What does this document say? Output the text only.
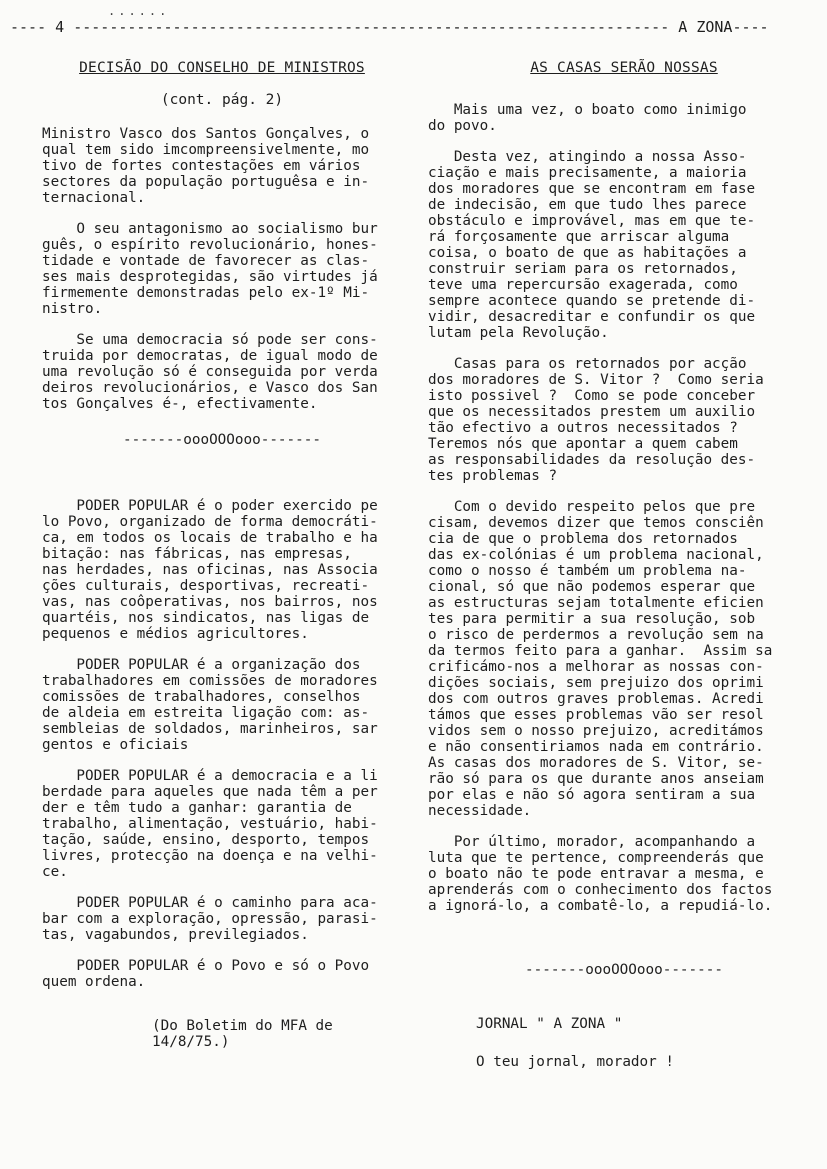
......
---- 4 ------------------------------------------------------------------ A ZONA----
DECISÃO DO CONSELHO DE MINISTROS
(cont. pág. 2)
Ministro Vasco dos Santos Gonçalves, o
qual tem sido imcompreensivelmente, mo
tivo de fortes contestações em vários
sectores da população portuguêsa e in-
ternacional.
O seu antagonismo ao socialismo bur
guês, o espírito revolucionário, hones-
tidade e vontade de favorecer as clas-
ses mais desprotegidas, são virtudes já
firmemente demonstradas pelo ex-1º Mi-
nistro.
Se uma democracia só pode ser cons-
truida por democratas, de igual modo de
uma revolução só é conseguida por verda
deiros revolucionários, e Vasco dos San
tos Gonçalves é-, efectivamente.
-------oooOOOooo-------
PODER POPULAR é o poder exercido pe
lo Povo, organizado de forma democráti-
ca, em todos os locais de trabalho e ha
bitação: nas fábricas, nas empresas,
nas herdades, nas oficinas, nas Associa
ções culturais, desportivas, recreati-
vas, nas coôperativas, nos bairros, nos
quartéis, nos sindicatos, nas ligas de
pequenos e médios agricultores.
PODER POPULAR é a organização dos
trabalhadores em comissões de moradores
comissões de trabalhadores, conselhos
de aldeia em estreita ligação com: as-
sembleias de soldados, marinheiros, sar
gentos e oficiais
PODER POPULAR é a democracia e a li
berdade para aqueles que nada têm a per
der e têm tudo a ganhar: garantia de
trabalho, alimentação, vestuário, habi-
tação, saúde, ensino, desporto, tempos
livres, protecção na doença e na velhi-
ce.
PODER POPULAR é o caminho para aca-
bar com a exploração, opressão, parasi-
tas, vagabundos, previlegiados.
PODER POPULAR é o Povo e só o Povo
quem ordena.
(Do Boletim do MFA de
14/8/75.)
AS CASAS SERÃO NOSSAS
Mais uma vez, o boato como inimigo
do povo.
Desta vez, atingindo a nossa Asso-
ciação e mais precisamente, a maioria
dos moradores que se encontram em fase
de indecisão, em que tudo lhes parece
obstáculo e improvável, mas em que te-
rá forçosamente que arriscar alguma
coisa, o boato de que as habitações a
construir seriam para os retornados,
teve uma repercursão exagerada, como
sempre acontece quando se pretende di-
vidir, desacreditar e confundir os que
lutam pela Revolução.
Casas para os retornados por acção
dos moradores de S. Vitor ?  Como seria
isto possivel ?  Como se pode conceber
que os necessitados prestem um auxilio
tão efectivo a outros necessitados ?
Teremos nós que apontar a quem cabem
as responsabilidades da resolução des-
tes problemas ?
Com o devido respeito pelos que pre
cisam, devemos dizer que temos consciên
cia de que o problema dos retornados
das ex-colónias é um problema nacional,
como o nosso é também um problema na-
cional, só que não podemos esperar que
as estructuras sejam totalmente eficien
tes para permitir a sua resolução, sob
o risco de perdermos a revolução sem na
da termos feito para a ganhar.  Assim sa
crificámo-nos a melhorar as nossas con-
dições sociais, sem prejuizo dos oprimi
dos com outros graves problemas. Acredi
támos que esses problemas vão ser resol
vidos sem o nosso prejuizo, acreditámos
e não consentiriamos nada em contrário.
As casas dos moradores de S. Vitor, se-
rão só para os que durante anos anseiam
por elas e não só agora sentiram a sua
necessidade.
Por último, morador, acompanhando a
luta que te pertence, compreenderás que
o boato não te pode entravar a mesma, e
aprenderás com o conhecimento dos factos
a ignorá-lo, a combatê-lo, a repudiá-lo.
-------oooOOOooo-------
JORNAL " A ZONA "
O teu jornal, morador !
